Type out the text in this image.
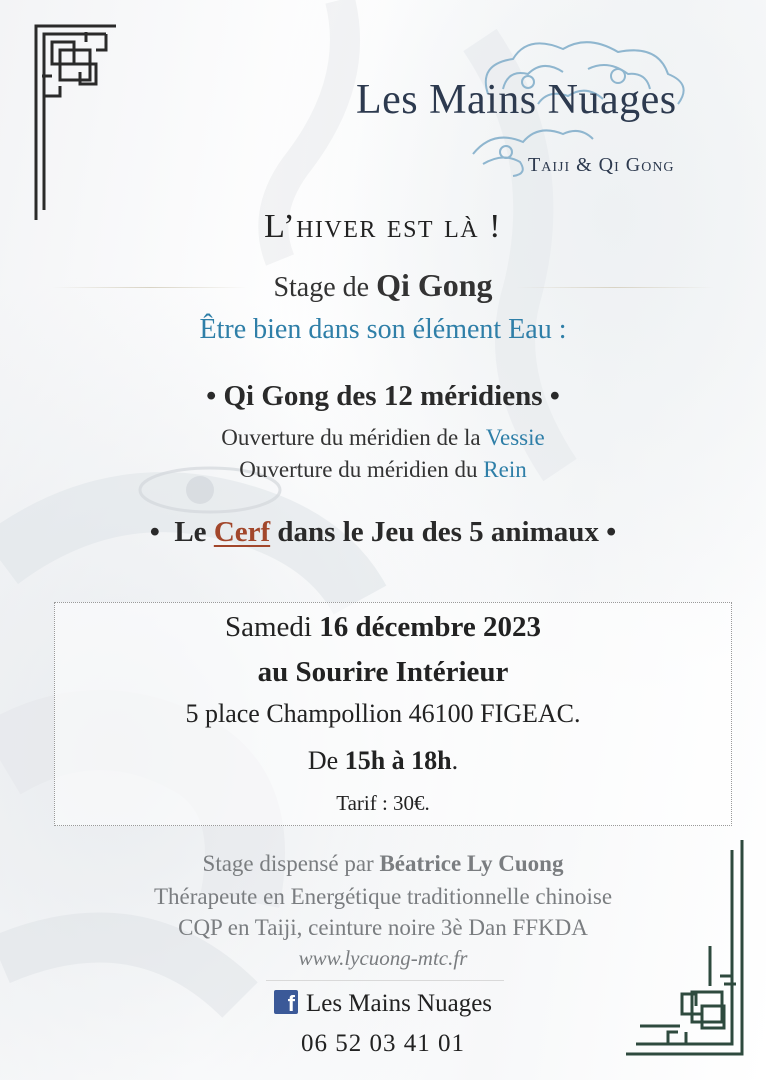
Les Mains Nuages
Taiji & Qi Gong
L’hiver est là !
Stage de Qi Gong
Être bien dans son élément Eau :
• Qi Gong des 12 méridiens •
Ouverture du méridien de la Vessie
Ouverture du méridien du Rein
• Le Cerf dans le Jeu des 5 animaux •
Samedi 16 décembre 2023
au Sourire Intérieur
5 place Champollion 46100 FIGEAC.
De 15h à 18h.
Tarif : 30€.
Stage dispensé par Béatrice Ly Cuong
Thérapeute en Energétique traditionnelle chinoise
CQP en Taiji, ceinture noire 3è Dan FFKDA
www.lycuong-mtc.fr
f Les Mains Nuages
06 52 03 41 01
